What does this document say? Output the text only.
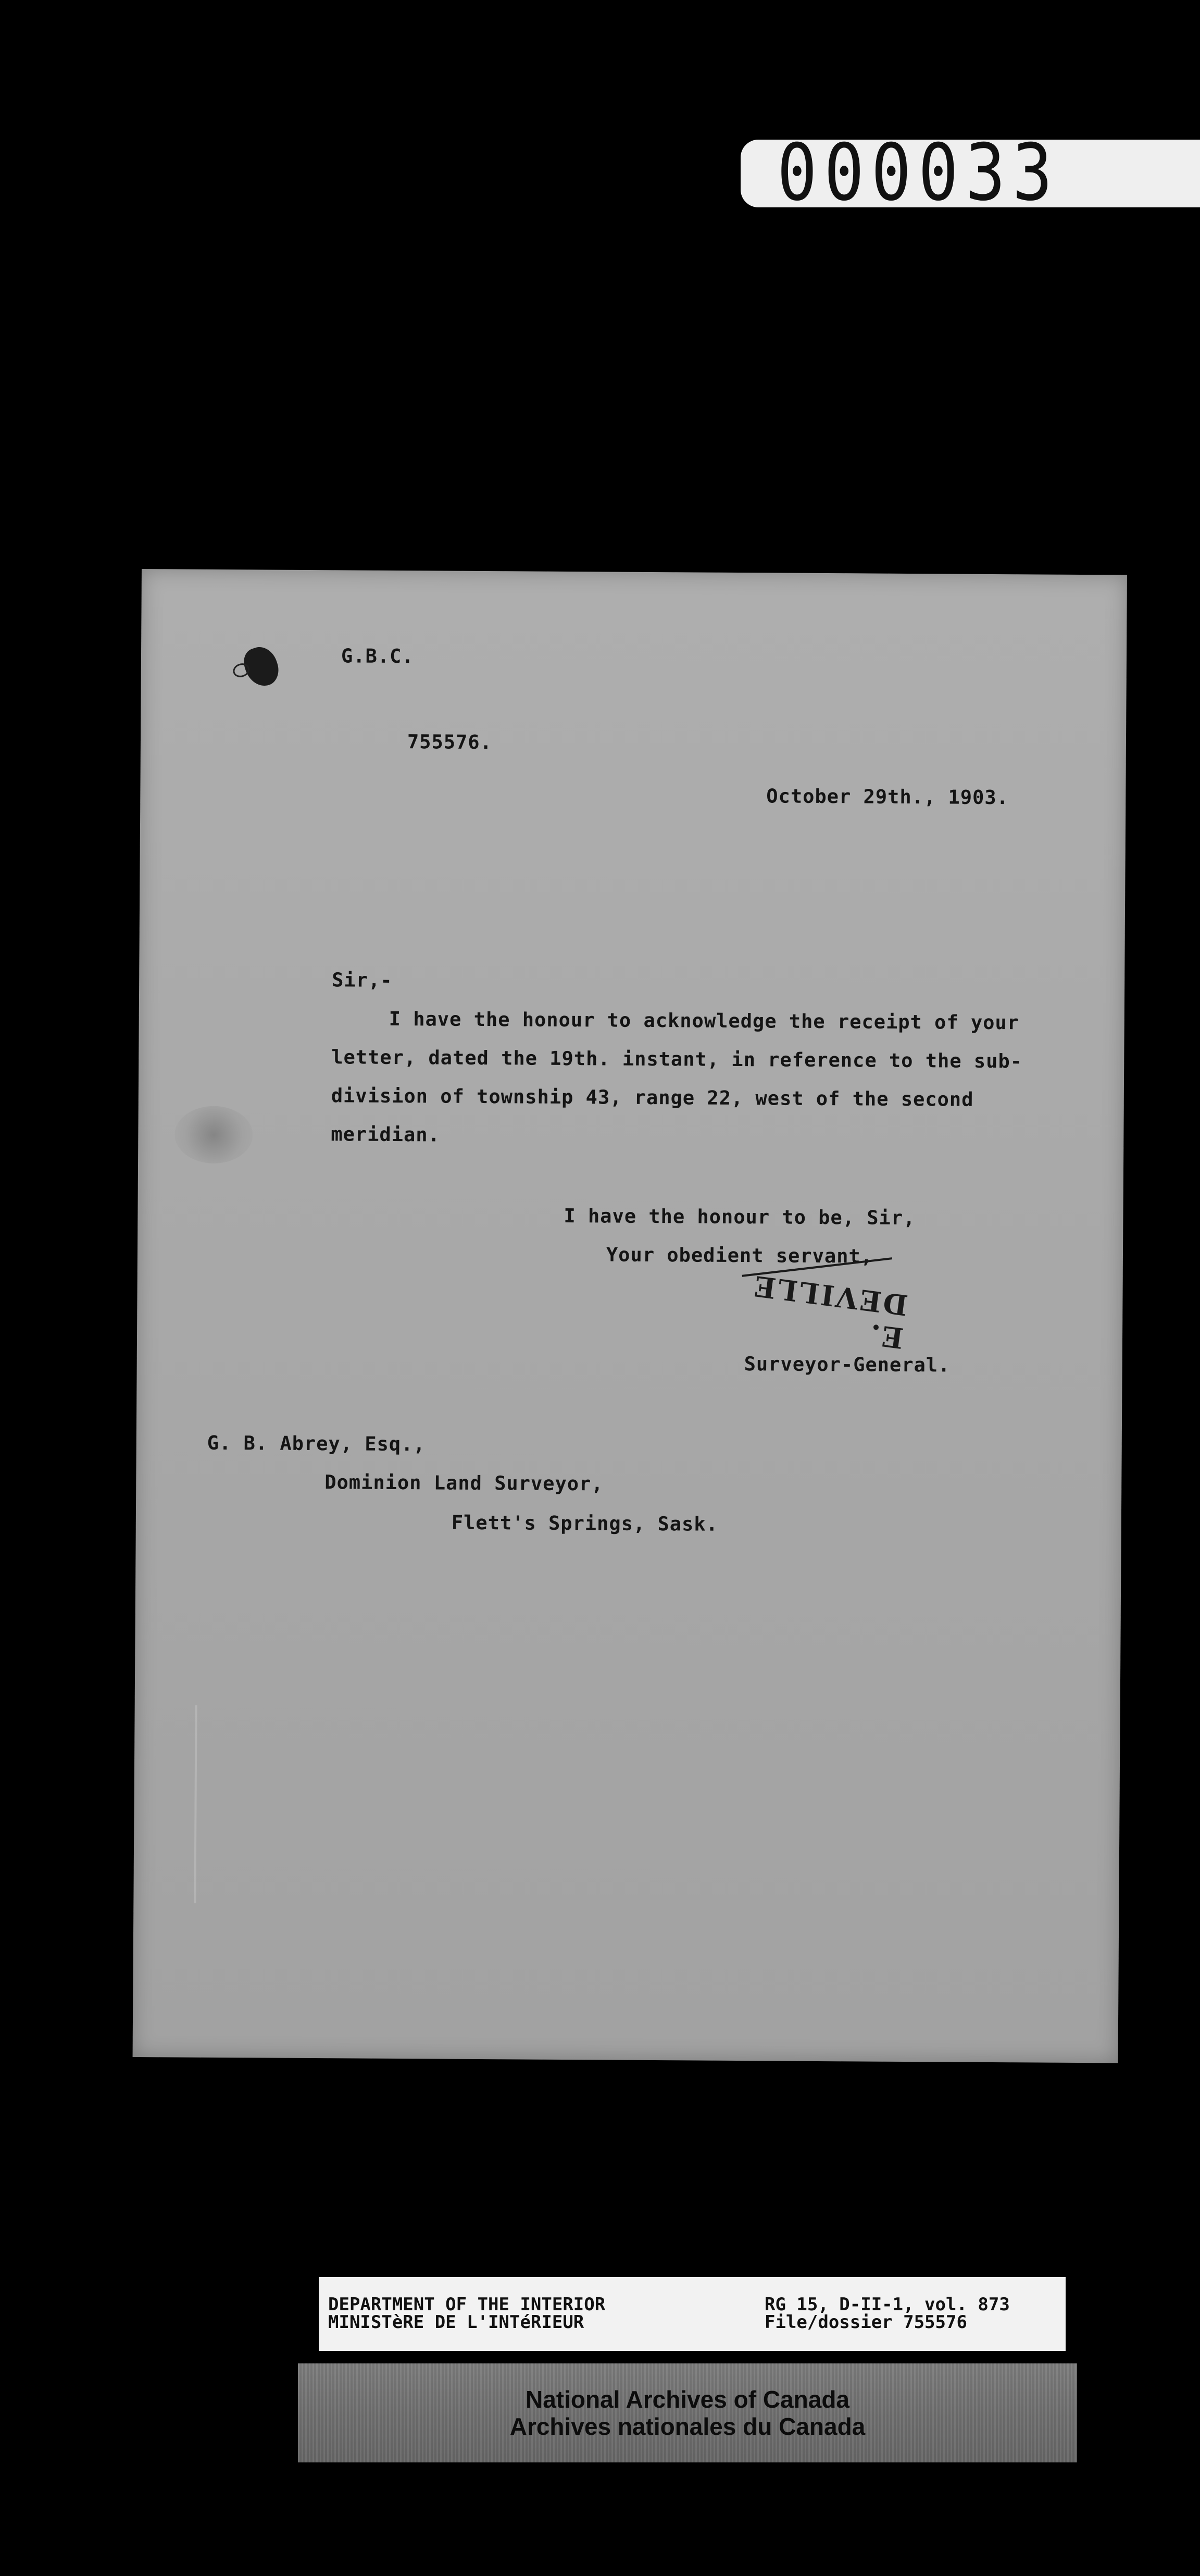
000033
G.B.C.
755576.
October 29th., 1903.
Sir,-
I have the honour to acknowledge the receipt of your
letter, dated the 19th. instant, in reference to the sub-
division of township 43, range 22, west of the second
meridian.
I have the honour to be, Sir,
Your obedient servant,
E. DEVILLE
Surveyor-General.
G. B. Abrey, Esq.,
Dominion Land Surveyor,
Flett's Springs, Sask.
DEPARTMENT OF THE INTERIOR
MINISTèRE DE L'INTéRIEUR
RG 15, D-II-1, vol. 873
File/dossier 755576
National Archives of Canada
Archives nationales du Canada
